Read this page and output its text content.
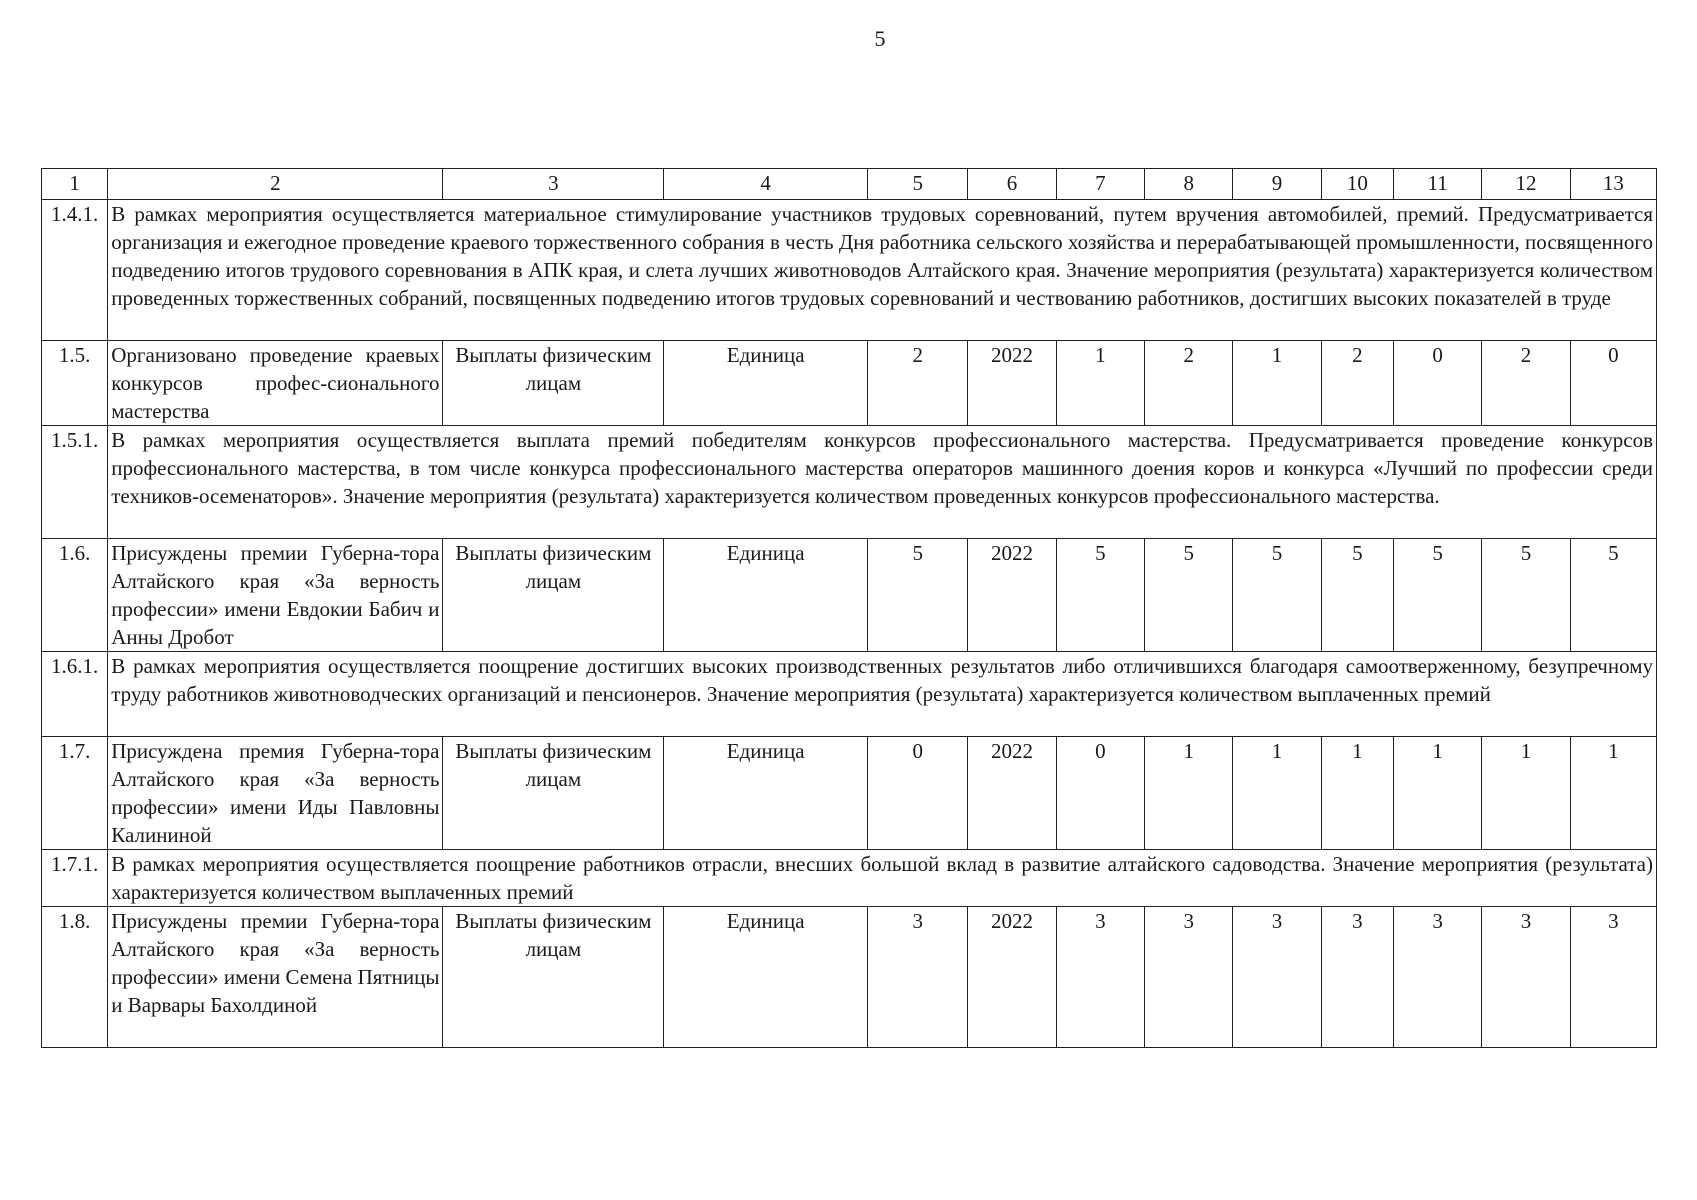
5
1	2	3	4	5	6	7	8	9	10	11	12	13
1.4.1.	В рамках мероприятия осуществляется материальное стимулирование участников трудовых соревнований, путем вручения автомобилей, премий. Предусматривается организация и ежегодное проведение краевого торжественного собрания в честь Дня работника сельского хозяйства и перерабатывающей промышленности, посвященного подведению итогов трудового соревнования в АПК края, и слета лучших животноводов Алтайского края. Значение мероприятия (результата) характеризуется количеством проведенных торжественных собраний, посвященных подведению итогов трудовых соревнований и чествованию работников, достигших высоких показателей в труде											
1.5.	Организовано проведение краевых конкурсов профес-сионального мастерства	Выплаты физическим лицам	Единица	2	2022	1	2	1	2	0	2	0
1.5.1.	В рамках мероприятия осуществляется выплата премий победителям конкурсов профессионального мастерства. Предусматривается проведение конкурсов профессионального мастерства, в том числе конкурса профессионального мастерства операторов машинного доения коров и конкурса «Лучший по профессии среди техников-осеменаторов». Значение мероприятия (результата) характеризуется количеством проведенных конкурсов профессионального мастерства.											
1.6.	Присуждены премии Губерна-тора Алтайского края «За верность профессии» имени Евдокии Бабич и Анны Дробот	Выплаты физическим лицам	Единица	5	2022	5	5	5	5	5	5	5
1.6.1.	В рамках мероприятия осуществляется поощрение достигших высоких производственных результатов либо отличившихся благодаря самоотверженному, безупречному труду работников животноводческих организаций и пенсионеров. Значение мероприятия (результата) характеризуется количеством выплаченных премий											
1.7.	Присуждена премия Губерна-тора Алтайского края «За верность профессии» имени Иды Павловны Калининой	Выплаты физическим лицам	Единица	0	2022	0	1	1	1	1	1	1
1.7.1.	В рамках мероприятия осуществляется поощрение работников отрасли, внесших большой вклад в развитие алтайского садоводства. Значение мероприятия (результата) характеризуется количеством выплаченных премий											
1.8.	Присуждены премии Губерна-тора Алтайского края «За верность профессии» имени Семена Пятницы и Варвары Бахолдиной	Выплаты физическим лицам	Единица	3	2022	3	3	3	3	3	3	3
